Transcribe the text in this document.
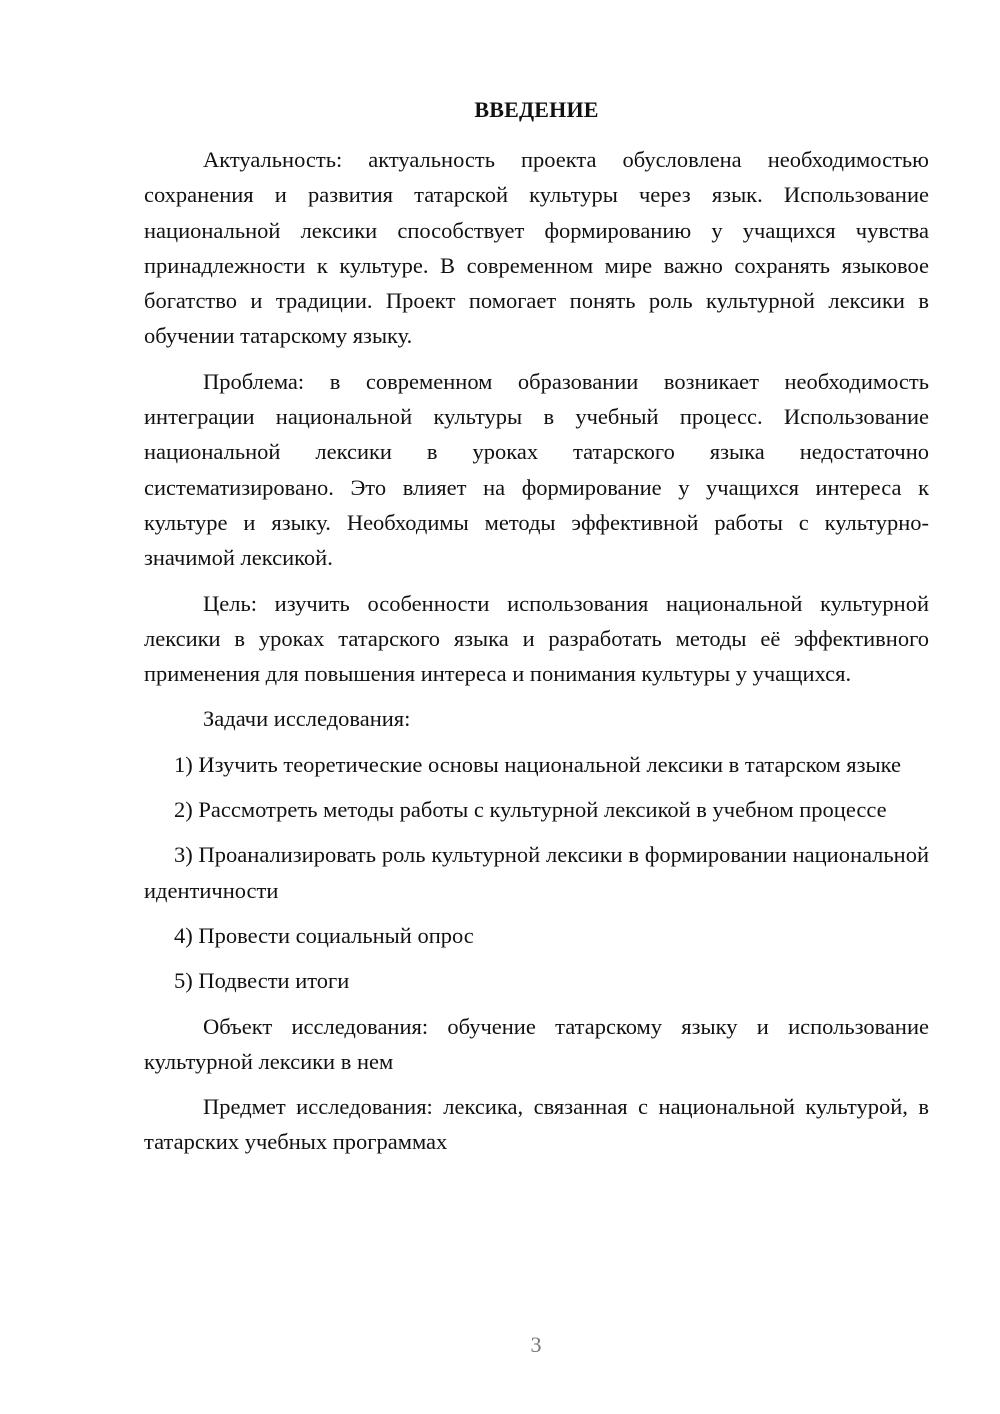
ВВЕДЕНИЕ

Актуальность: актуальность проекта обусловлена необходимостью сохранения и развития татарской культуры через язык. Использование национальной лексики способствует формированию у учащихся чувства принадлежности к культуре. В современном мире важно сохранять языковое богатство и традиции. Проект помогает понять роль культурной лексики в обучении татарскому языку.

Проблема: в современном образовании возникает необходимость интеграции национальной культуры в учебный процесс. Использование национальной лексики в уроках татарского языка недостаточно систематизировано. Это влияет на формирование у учащихся интереса к культуре и языку. Необходимы методы эффективной работы с культурно-значимой лексикой.

Цель: изучить особенности использования национальной культурной лексики в уроках татарского языка и разработать методы её эффективного применения для повышения интереса и понимания культуры у учащихся.

Задачи исследования:

1) Изучить теоретические основы национальной лексики в татарском языке

2) Рассмотреть методы работы с культурной лексикой в учебном процессе

3) Проанализировать роль культурной лексики в формировании национальной идентичности

4) Провести социальный опрос

5) Подвести итоги

Объект исследования: обучение татарскому языку и использование культурной лексики в нем

Предмет исследования: лексика, связанная с национальной культурой, в татарских учебных программах

3
